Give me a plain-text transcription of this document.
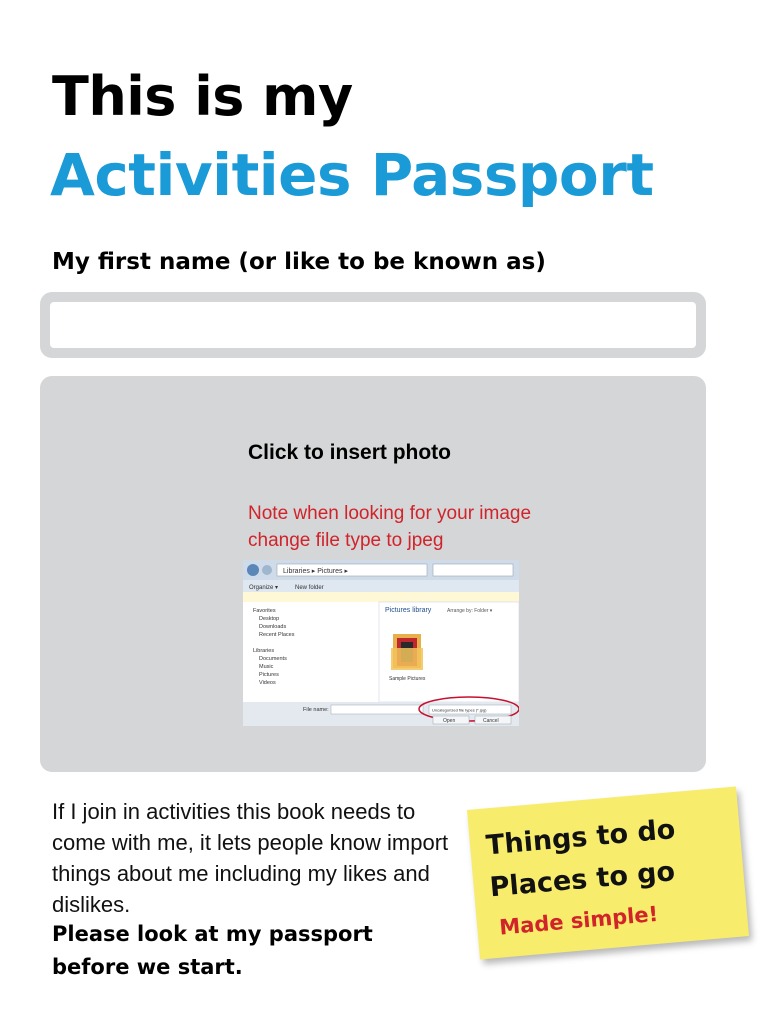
This is my
Activities Passport
My first name (or like to be known as)
Click to insert photo
Note when looking for your image change file type to jpeg
Libraries ▸ Pictures ▸
Organize ▾	New folder
Favorites
Desktop
Downloads
Recent Places
Libraries
Documents
Music
Pictures
Videos
Pictures library	Arrange by: Folder ▾
Sample Pictures
File name:	Uncategorized file types (*.jpg)
Open	Cancel
If I join in activities this book needs to come with me, it lets people know import things about me including my likes and dislikes.
Please look at my passport before we start.
Things to do
Places to go
Made simple!
